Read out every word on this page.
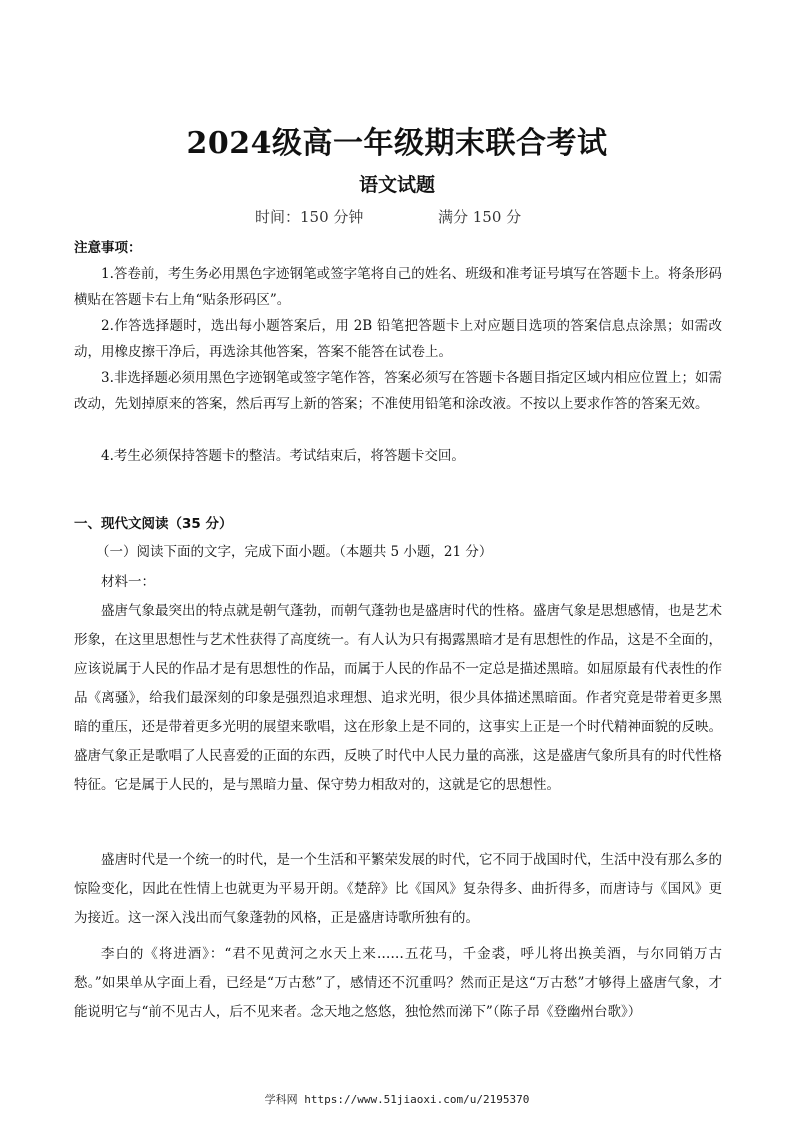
2024级高一年级期末联合考试
语文试题
时间：150 分钟	满分 150 分
注意事项：

1.答卷前，考生务必用黑色字迹钢笔或签字笔将自己的姓名、班级和准考证号填写在答题卡上。将条形码横贴在答题卡右上角“贴条形码区”。

2.作答选择题时，选出每小题答案后，用 2B 铅笔把答题卡上对应题目选项的答案信息点涂黑；如需改动，用橡皮擦干净后，再选涂其他答案，答案不能答在试卷上。

3.非选择题必须用黑色字迹钢笔或签字笔作答，答案必须写在答题卡各题目指定区域内相应位置上；如需改动，先划掉原来的答案，然后再写上新的答案；不准使用铅笔和涂改液。不按以上要求作答的答案无效。

4.考生必须保持答题卡的整洁。考试结束后，将答题卡交回。

一、现代文阅读（35 分）
（一）阅读下面的文字，完成下面小题。（本题共 5 小题，21 分）
材料一：

盛唐气象最突出的特点就是朝气蓬勃，而朝气蓬勃也是盛唐时代的性格。盛唐气象是思想感情，也是艺术形象，在这里思想性与艺术性获得了高度统一。有人认为只有揭露黑暗才是有思想性的作品，这是不全面的，应该说属于人民的作品才是有思想性的作品，而属于人民的作品不一定总是描述黑暗。如屈原最有代表性的作品《离骚》，给我们最深刻的印象是强烈追求理想、追求光明，很少具体描述黑暗面。作者究竟是带着更多黑暗的重压，还是带着更多光明的展望来歌唱，这在形象上是不同的，这事实上正是一个时代精神面貌的反映。盛唐气象正是歌唱了人民喜爱的正面的东西，反映了时代中人民力量的高涨，这是盛唐气象所具有的时代性格特征。它是属于人民的，是与黑暗力量、保守势力相敌对的，这就是它的思想性。

盛唐时代是一个统一的时代，是一个生活和平繁荣发展的时代，它不同于战国时代，生活中没有那么多的惊险变化，因此在性情上也就更为平易开朗。《楚辞》比《国风》复杂得多、曲折得多，而唐诗与《国风》更为接近。这一深入浅出而气象蓬勃的风格，正是盛唐诗歌所独有的。

李白的《将进酒》：“君不见黄河之水天上来……五花马，千金裘，呼儿将出换美酒，与尔同销万古愁。”如果单从字面上看，已经是“万古愁”了，感情还不沉重吗？然而正是这“万古愁”才够得上盛唐气象，才能说明它与“前不见古人，后不见来者。念天地之悠悠，独怆然而涕下”（陈子昂《登幽州台歌》）

学科网 https://www.51jiaoxi.com/u/2195370
